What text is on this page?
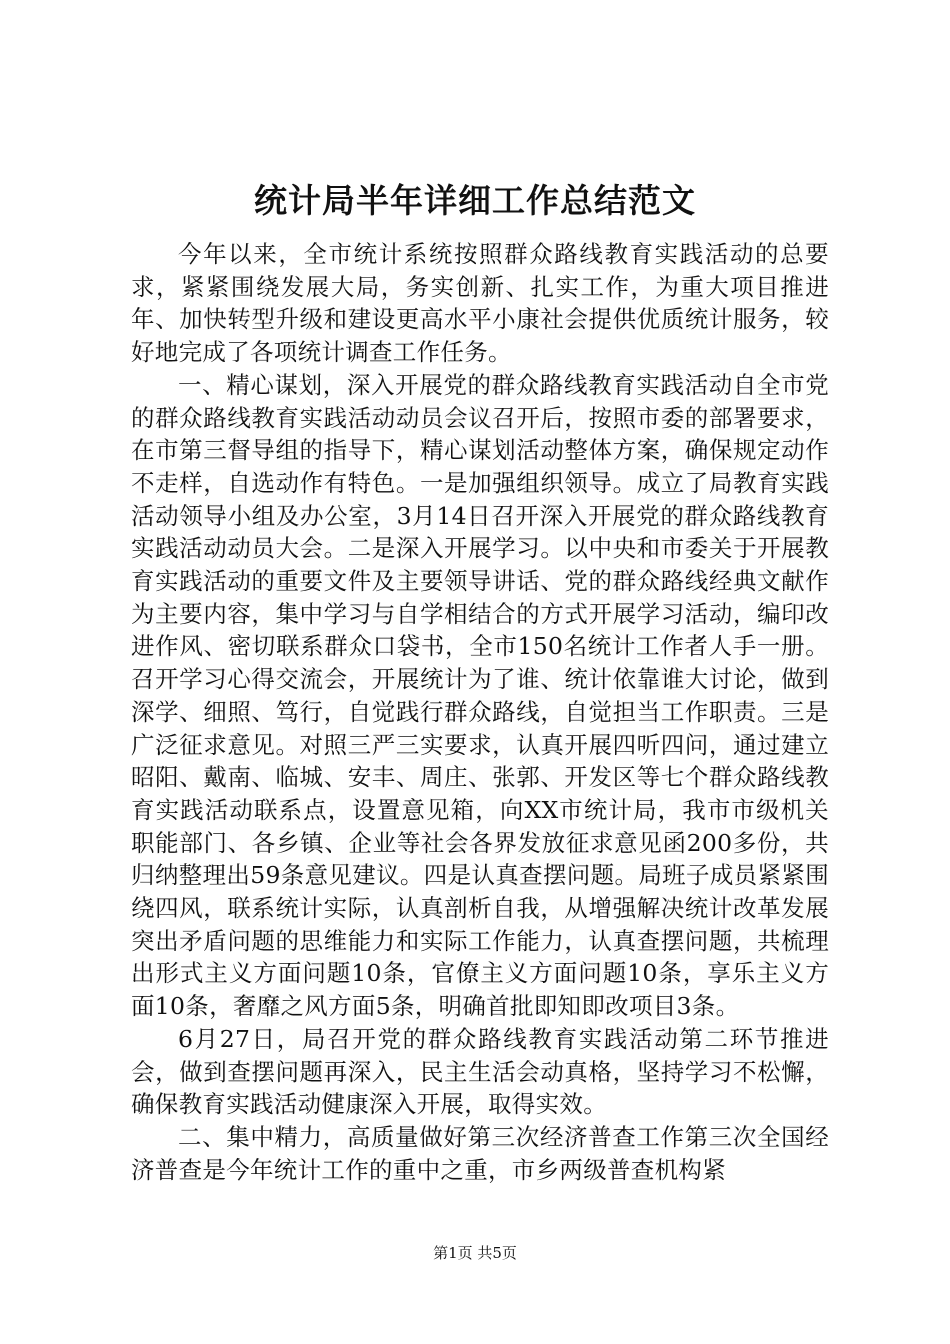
统计局半年详细工作总结范文

今年以来，全市统计系统按照群众路线教育实践活动的总要求，紧紧围绕发展大局，务实创新、扎实工作，为重大项目推进年、加快转型升级和建设更高水平小康社会提供优质统计服务，较好地完成了各项统计调查工作任务。

一、精心谋划，深入开展党的群众路线教育实践活动自全市党的群众路线教育实践活动动员会议召开后，按照市委的部署要求，在市第三督导组的指导下，精心谋划活动整体方案，确保规定动作不走样，自选动作有特色。一是加强组织领导。成立了局教育实践活动领导小组及办公室，3月14日召开深入开展党的群众路线教育实践活动动员大会。二是深入开展学习。以中央和市委关于开展教育实践活动的重要文件及主要领导讲话、党的群众路线经典文献作为主要内容，集中学习与自学相结合的方式开展学习活动，编印改进作风、密切联系群众口袋书，全市150名统计工作者人手一册。召开学习心得交流会，开展统计为了谁、统计依靠谁大讨论，做到深学、细照、笃行，自觉践行群众路线，自觉担当工作职责。三是广泛征求意见。对照三严三实要求，认真开展四听四问，通过建立昭阳、戴南、临城、安丰、周庄、张郭、开发区等七个群众路线教育实践活动联系点，设置意见箱，向XX市统计局，我市市级机关职能部门、各乡镇、企业等社会各界发放征求意见函200多份，共归纳整理出59条意见建议。四是认真查摆问题。局班子成员紧紧围绕四风，联系统计实际，认真剖析自我，从增强解决统计改革发展突出矛盾问题的思维能力和实际工作能力，认真查摆问题，共梳理出形式主义方面问题10条，官僚主义方面问题10条，享乐主义方面10条，奢靡之风方面5条，明确首批即知即改项目3条。

6月27日，局召开党的群众路线教育实践活动第二环节推进会，做到查摆问题再深入，民主生活会动真格，坚持学习不松懈，确保教育实践活动健康深入开展，取得实效。

二、集中精力，高质量做好第三次经济普查工作第三次全国经济普查是今年统计工作的重中之重，市乡两级普查机构紧

第1页 共5页
